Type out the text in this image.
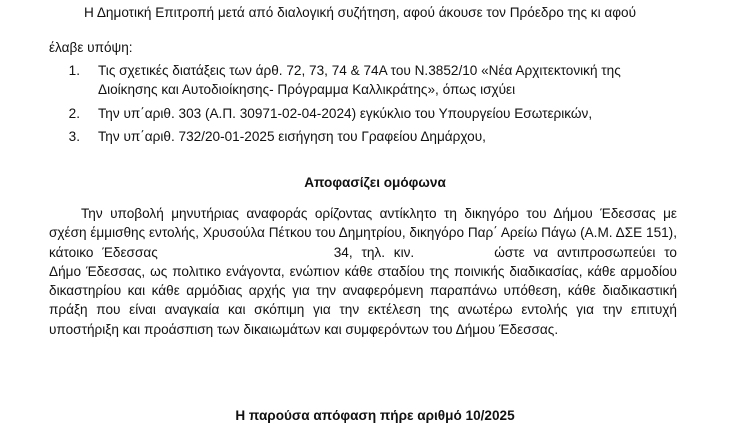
Η Δημοτική Επιτροπή μετά από διαλογική συζήτηση, αφού άκουσε τον Πρόεδρο της κι αφού
έλαβε υπόψη:
1. Τις σχετικές διατάξεις των άρθ. 72, 73, 74 & 74Α του Ν.3852/10 «Νέα Αρχιτεκτονική της
Διοίκησης και Αυτοδιοίκησης- Πρόγραμμα Καλλικράτης», όπως ισχύει
2. Την υπ΄αριθ. 303 (Α.Π. 30971-02-04-2024) εγκύκλιο του Υπουργείου Εσωτερικών,
3. Την υπ΄αριθ. 732/20-01-2025 εισήγηση του Γραφείου Δημάρχου,
Αποφασίζει ομόφωνα
Την υποβολή μηνυτήριας αναφοράς ορίζοντας αντίκλητο τη δικηγόρο του Δήμου Έδεσσας με σχέση έμμισθης εντολής, Χρυσούλα Πέτκου του Δημητρίου, δικηγόρο Παρ΄ Αρείω Πάγω (Α.Μ. ΔΣΕ 151), κάτοικο Έδεσσας	34, τηλ. κιν.	ώστε να αντιπροσωπεύει το Δήμο Έδεσσας, ως πολιτικο ενάγοντα, ενώπιον κάθε σταδίου της ποινικής διαδικασίας, κάθε αρμοδίου δικαστηρίου και κάθε αρμόδιας αρχής για την αναφερόμενη παραπάνω υπόθεση, κάθε διαδικαστική πράξη που είναι αναγκαία και σκόπιμη για την εκτέλεση της ανωτέρω εντολής για την επιτυχή υποστήριξη και προάσπιση των δικαιωμάτων και συμφερόντων του Δήμου Έδεσσας.
Η παρούσα απόφαση πήρε αριθμό 10/2025
